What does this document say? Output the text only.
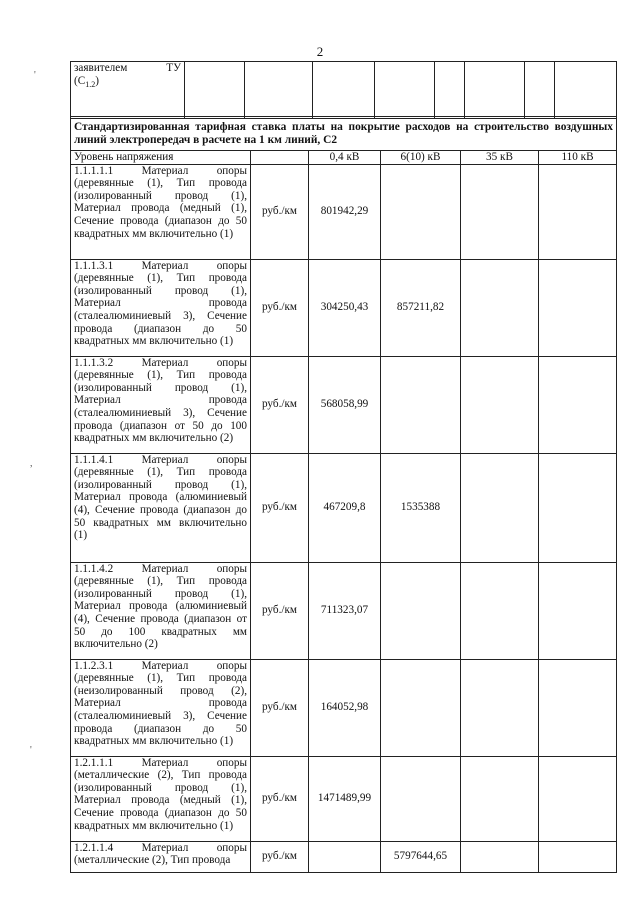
2
'
,
'
заявителем	ТУ
$(С_{1.2})$								
Стандартизированная тарифная ставка платы на покрытие расходов на строительство воздушных линий электропередач в расчете на 1 км линий, С2					
Уровень напряжения		0,4 кВ	6(10) кВ	35 кВ	110 кВ
1.1.1.1.1 Материал опоры (деревянные (1), Тип провода (изолированный провод (1), Материал провода (медный (1), Сечение провода (диапазон до 50 квадратных мм включительно (1)	руб./км	801942,29			
1.1.1.3.1 Материал опоры (деревянные (1), Тип провода (изолированный провод (1), Материал провода (сталеалюминиевый 3), Сечение провода (диапазон до 50 квадратных мм включительно (1)	руб./км	304250,43	857211,82		
1.1.1.3.2 Материал опоры (деревянные (1), Тип провода (изолированный провод (1), Материал провода (сталеалюминиевый 3), Сечение провода (диапазон от 50 до 100 квадратных мм включительно (2)	руб./км	568058,99			
1.1.1.4.1 Материал опоры (деревянные (1), Тип провода (изолированный провод (1), Материал провода (алюминиевый (4), Сечение провода (диапазон до 50 квадратных мм включительно (1)	руб./км	467209,8	1535388		
1.1.1.4.2 Материал опоры (деревянные (1), Тип провода (изолированный провод (1), Материал провода (алюминиевый (4), Сечение провода (диапазон от 50 до 100 квадратных мм включительно (2)	руб./км	711323,07			
1.1.2.3.1 Материал опоры (деревянные (1), Тип провода (неизолированный провод (2), Материал провода (сталеалюминиевый 3), Сечение провода (диапазон до 50 квадратных мм включительно (1)	руб./км	164052,98			
1.2.1.1.1 Материал опоры (металлические (2), Тип провода (изолированный провод (1), Материал провода (медный (1), Сечение провода (диапазон до 50 квадратных мм включительно (1)	руб./км	1471489,99			
1.2.1.1.4 Материал опоры (металлические (2), Тип провода	руб./км		5797644,65		
